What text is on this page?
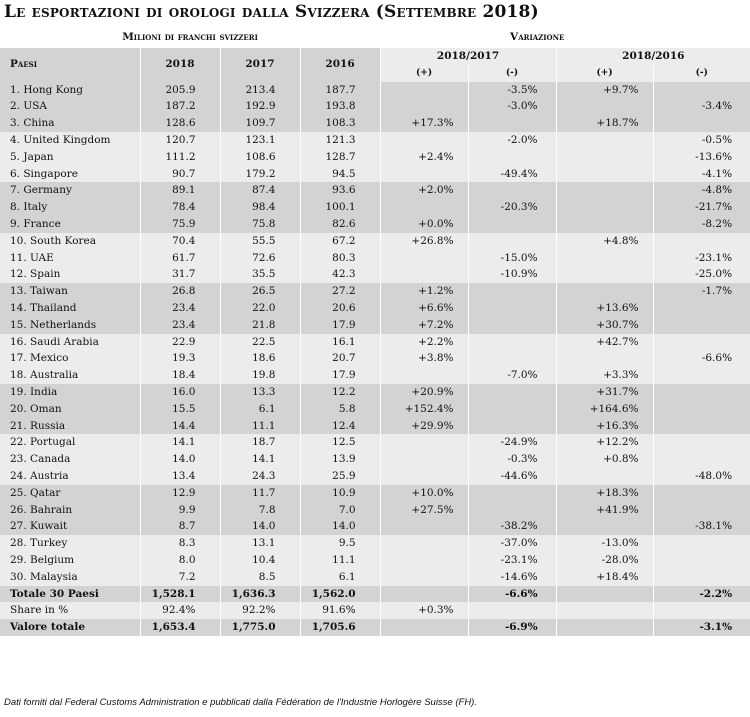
Le esportazioni di orologi dalla Svizzera (Settembre 2018)
Milioni di franchi svizzeri				Variazione			
Paesi	2018	2017	2016	2018/2017		2018/2016	
				(+)	(-)	(+)	(-)
1. Hong Kong	205.9	213.4	187.7		-3.5%	+9.7%	
2. USA	187.2	192.9	193.8		-3.0%		-3.4%
3. China	128.6	109.7	108.3	+17.3%		+18.7%	
4. United Kingdom	120.7	123.1	121.3		-2.0%		-0.5%
5. Japan	111.2	108.6	128.7	+2.4%			-13.6%
6. Singapore	90.7	179.2	94.5		-49.4%		-4.1%
7. Germany	89.1	87.4	93.6	+2.0%			-4.8%
8. Italy	78.4	98.4	100.1		-20.3%		-21.7%
9. France	75.9	75.8	82.6	+0.0%			-8.2%
10. South Korea	70.4	55.5	67.2	+26.8%		+4.8%	
11. UAE	61.7	72.6	80.3		-15.0%		-23.1%
12. Spain	31.7	35.5	42.3		-10.9%		-25.0%
13. Taiwan	26.8	26.5	27.2	+1.2%			-1.7%
14. Thailand	23.4	22.0	20.6	+6.6%		+13.6%	
15. Netherlands	23.4	21.8	17.9	+7.2%		+30.7%	
16. Saudi Arabia	22.9	22.5	16.1	+2.2%		+42.7%	
17. Mexico	19.3	18.6	20.7	+3.8%			-6.6%
18. Australia	18.4	19.8	17.9		-7.0%	+3.3%	
19. India	16.0	13.3	12.2	+20.9%		+31.7%	
20. Oman	15.5	6.1	5.8	+152.4%		+164.6%	
21. Russia	14.4	11.1	12.4	+29.9%		+16.3%	
22. Portugal	14.1	18.7	12.5		-24.9%	+12.2%	
23. Canada	14.0	14.1	13.9		-0.3%	+0.8%	
24. Austria	13.4	24.3	25.9		-44.6%		-48.0%
25. Qatar	12.9	11.7	10.9	+10.0%		+18.3%	
26. Bahrain	9.9	7.8	7.0	+27.5%		+41.9%	
27. Kuwait	8.7	14.0	14.0		-38.2%		-38.1%
28. Turkey	8.3	13.1	9.5		-37.0%	-13.0%	
29. Belgium	8.0	10.4	11.1		-23.1%	-28.0%	
30. Malaysia	7.2	8.5	6.1		-14.6%	+18.4%	
Totale 30 Paesi	1,528.1	1,636.3	1,562.0		-6.6%		-2.2%
Share in %	92.4%	92.2%	91.6%	+0.3%			
Valore totale	1,653.4	1,775.0	1,705.6		-6.9%		-3.1%
Dati forniti dal Federal Customs Administration e pubblicati dalla Fédération de l'Industrie Horlogère Suisse (FH).
